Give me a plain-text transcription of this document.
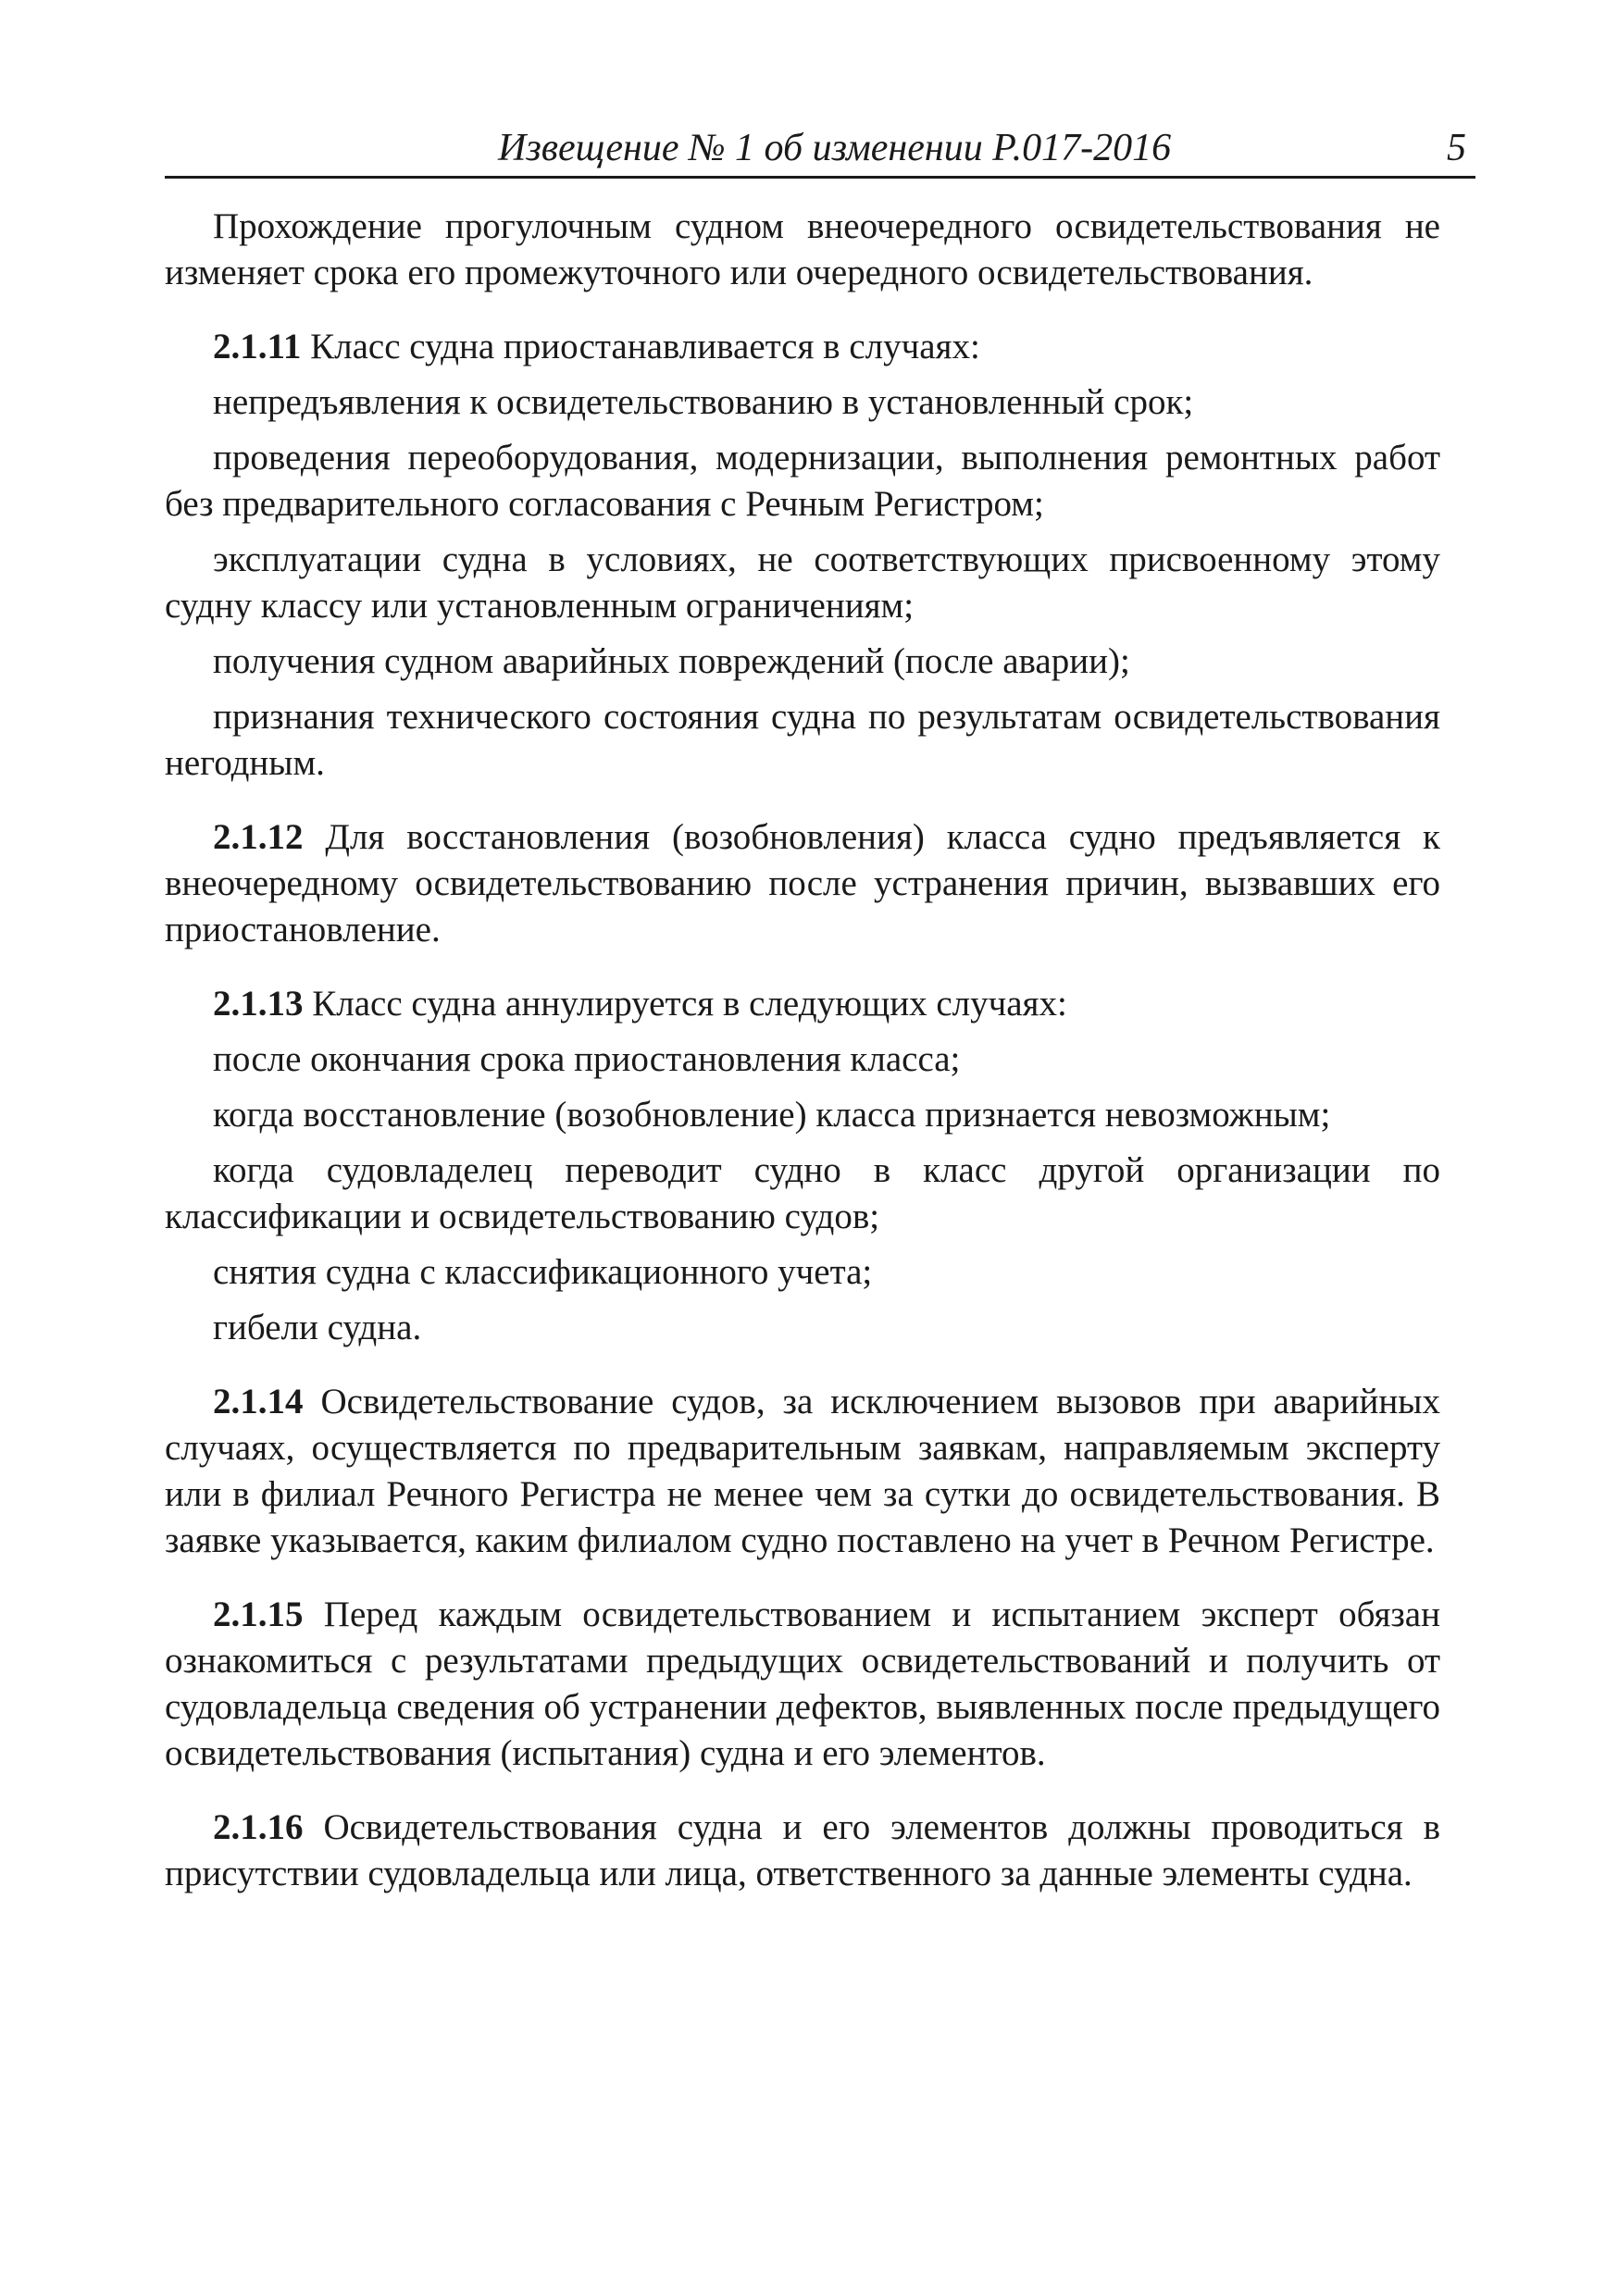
Извещение № 1 об изменении Р.017-2016	5

Прохождение прогулочным судном внеочередного освидетельствования не изменяет срока его промежуточного или очередного освидетельствования.

2.1.11 Класс судна приостанавливается в случаях:

непредъявления к освидетельствованию в установленный срок;

проведения переоборудования, модернизации, выполнения ремонтных работ без предварительного согласования с Речным Регистром;

эксплуатации судна в условиях, не соответствующих присвоенному этому судну классу или установленным ограничениям;

получения судном аварийных повреждений (после аварии);

признания технического состояния судна по результатам освидетельствования негодным.

2.1.12 Для восстановления (возобновления) класса судно предъявляется к внеочередному освидетельствованию после устранения причин, вызвавших его приостановление.

2.1.13 Класс судна аннулируется в следующих случаях:

после окончания срока приостановления класса;

когда восстановление (возобновление) класса признается невозможным;

когда судовладелец переводит судно в класс другой организации по классификации и освидетельствованию судов;

снятия судна с классификационного учета;

гибели судна.

2.1.14 Освидетельствование судов, за исключением вызовов при аварийных случаях, осуществляется по предварительным заявкам, направляемым эксперту или в филиал Речного Регистра не менее чем за сутки до освидетельствования. В заявке указывается, каким филиалом судно поставлено на учет в Речном Регистре.

2.1.15 Перед каждым освидетельствованием и испытанием эксперт обязан ознакомиться с результатами предыдущих освидетельствований и получить от судовладельца сведения об устранении дефектов, выявленных после предыдущего освидетельствования (испытания) судна и его элементов.

2.1.16 Освидетельствования судна и его элементов должны проводиться в присутствии судовладельца или лица, ответственного за данные элементы судна.
